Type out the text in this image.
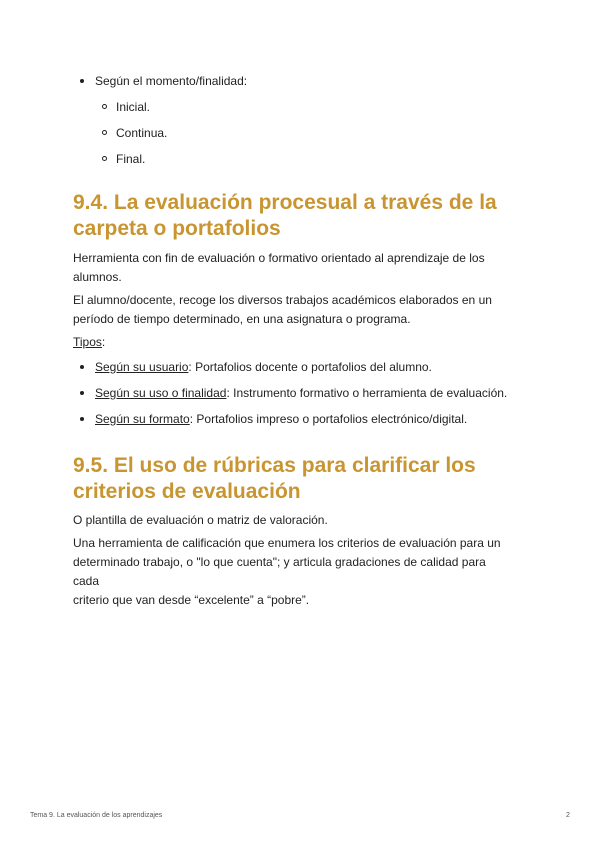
Según el momento/finalidad:
Inicial.
Continua.
Final.
9.4. La evaluación procesual a través de la
carpeta o portafolios

Herramienta con fin de evaluación o formativo orientado al aprendizaje de los
alumnos.

El alumno/docente, recoge los diversos trabajos académicos elaborados en un
período de tiempo determinado, en una asignatura o programa.

Tipos:

Según su usuario: Portafolios docente o portafolios del alumno.
Según su uso o finalidad: Instrumento formativo o herramienta de evaluación.
Según su formato: Portafolios impreso o portafolios electrónico/digital.
9.5. El uso de rúbricas para clarificar los
criterios de evaluación

O plantilla de evaluación o matriz de valoración.

Una herramienta de calificación que enumera los criterios de evaluación para un
determinado trabajo, o "lo que cuenta"; y articula gradaciones de calidad para cada
criterio que van desde “excelente” a “pobre”.

Tema 9. La evaluación de los aprendizajes	2
